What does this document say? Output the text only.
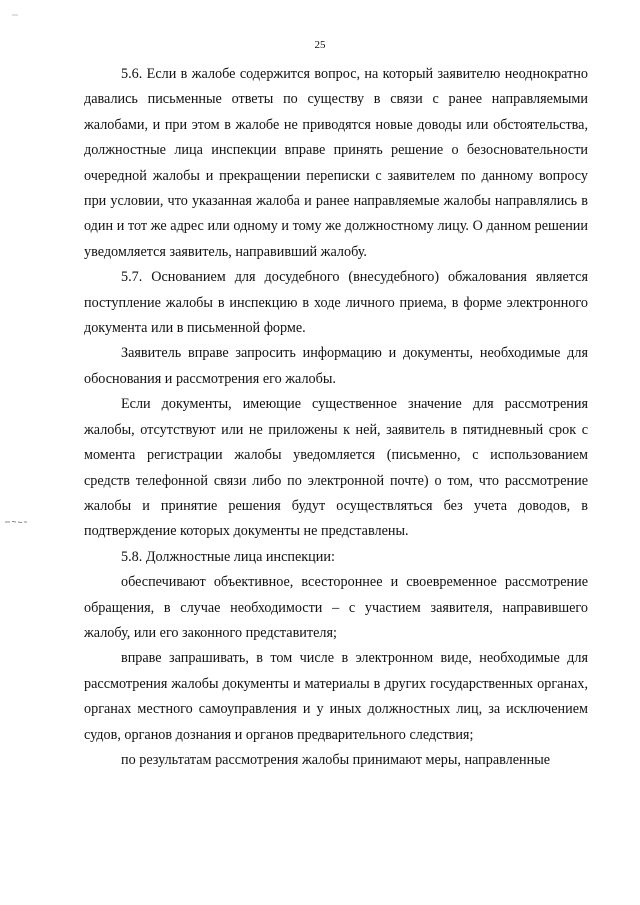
25

5.6. Если в жалобе содержится вопрос, на который заявителю неоднократно давались письменные ответы по существу в связи с ранее направляемыми жалобами, и при этом в жалобе не приводятся новые доводы или обстоятельства, должностные лица инспекции вправе принять решение о безосновательности очередной жалобы и прекращении переписки с заявителем по данному вопросу при условии, что указанная жалоба и ранее направляемые жалобы направлялись в один и тот же адрес или одному и тому же должностному лицу. О данном решении уведомляется заявитель, направивший жалобу.

5.7. Основанием для досудебного (внесудебного) обжалования является поступление жалобы в инспекцию в ходе личного приема, в форме электронного документа или в письменной форме.

Заявитель вправе запросить информацию и документы, необходимые для обоснования и рассмотрения его жалобы.

Если документы, имеющие существенное значение для рассмотрения жалобы, отсутствуют или не приложены к ней, заявитель в пятидневный срок с момента регистрации жалобы уведомляется (письменно, с использованием средств телефонной связи либо по электронной почте) о том, что рассмотрение жалобы и принятие решения будут осуществляться без учета доводов, в подтверждение которых документы не представлены.

5.8. Должностные лица инспекции:

обеспечивают объективное, всестороннее и своевременное рассмотрение обращения, в случае необходимости – с участием заявителя, направившего жалобу, или его законного представителя;

вправе запрашивать, в том числе в электронном виде, необходимые для рассмотрения жалобы документы и материалы в других государственных органах, органах местного самоуправления и у иных должностных лиц, за исключением судов, органов дознания и органов предварительного следствия;

по результатам рассмотрения жалобы принимают меры, направленные
